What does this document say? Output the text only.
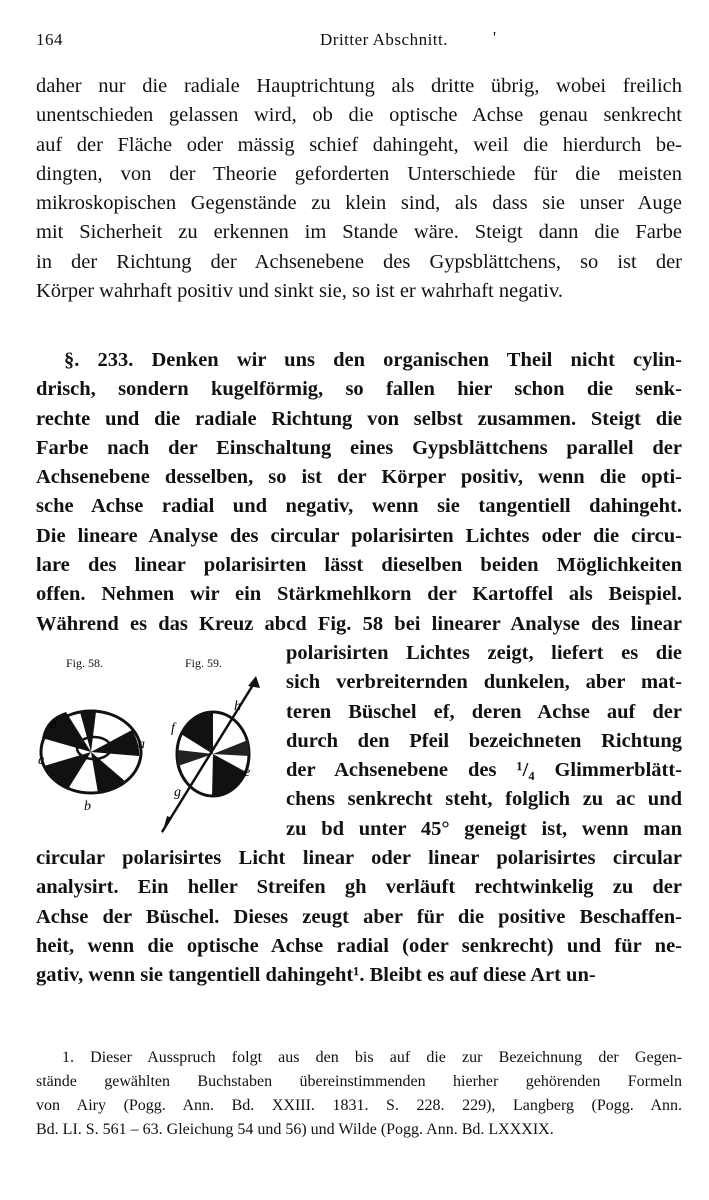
164	Dritter Abschnitt.	'
daher nur die radiale Hauptrichtung als dritte übrig, wobei freilich
unentschieden gelassen wird, ob die optische Achse genau senkrecht
auf der Fläche oder mässig schief dahingeht, weil die hierdurch be-
dingten, von der Theorie geforderten Unterschiede für die meisten
mikroskopischen Gegenstände zu klein sind, als dass sie unser Auge
mit Sicherheit zu erkennen im Stande wäre. Steigt dann die Farbe
in der Richtung der Achsenebene des Gypsblättchens, so ist der
Körper wahrhaft positiv und sinkt sie, so ist er wahrhaft negativ.
§. 233. Denken wir uns den organischen Theil nicht cylin-
drisch, sondern kugelförmig, so fallen hier schon die senk-
rechte und die radiale Richtung von selbst zusammen. Steigt die
Farbe nach der Einschaltung eines Gypsblättchens parallel der
Achsenebene desselben, so ist der Körper positiv, wenn die opti-
sche Achse radial und negativ, wenn sie tangentiell dahingeht.
Die lineare Analyse des circular polarisirten Lichtes oder die circu-
lare des linear polarisirten lässt dieselben beiden Möglichkeiten
offen. Nehmen wir ein Stärkmehlkorn der Kartoffel als Beispiel.
Während es das Kreuz abcd Fig. 58 bei linearer Analyse des linear
polarisirten Lichtes zeigt, liefert es die
sich verbreiternden dunkelen, aber mat-
teren Büschel ef, deren Achse auf der
durch den Pfeil bezeichneten Richtung
der Achsenebene des ¹/₄ Glimmerblätt-
chens senkrecht steht, folglich zu ac und
zu bd unter 45° geneigt ist, wenn man
circular polarisirtes Licht linear oder linear polarisirtes circular
analysirt. Ein heller Streifen gh verläuft rechtwinkelig zu der
Achse der Büschel. Dieses zeugt aber für die positive Beschaffen-
heit, wenn die optische Achse radial (oder senkrecht) und für ne-
gativ, wenn sie tangentiell dahingeht¹. Bleibt es auf diese Art un-
Fig. 58.	Fig. 59.
d
a
c
b
h
f
e
g
1. Dieser Ausspruch folgt aus den bis auf die zur Bezeichnung der Gegen-
stände gewählten Buchstaben übereinstimmenden hierher gehörenden Formeln
von Airy (Pogg. Ann. Bd. XXIII. 1831. S. 228. 229), Langberg (Pogg. Ann.
Bd. LI. S. 561 – 63. Gleichung 54 und 56) und Wilde (Pogg. Ann. Bd. LXXXIX.
